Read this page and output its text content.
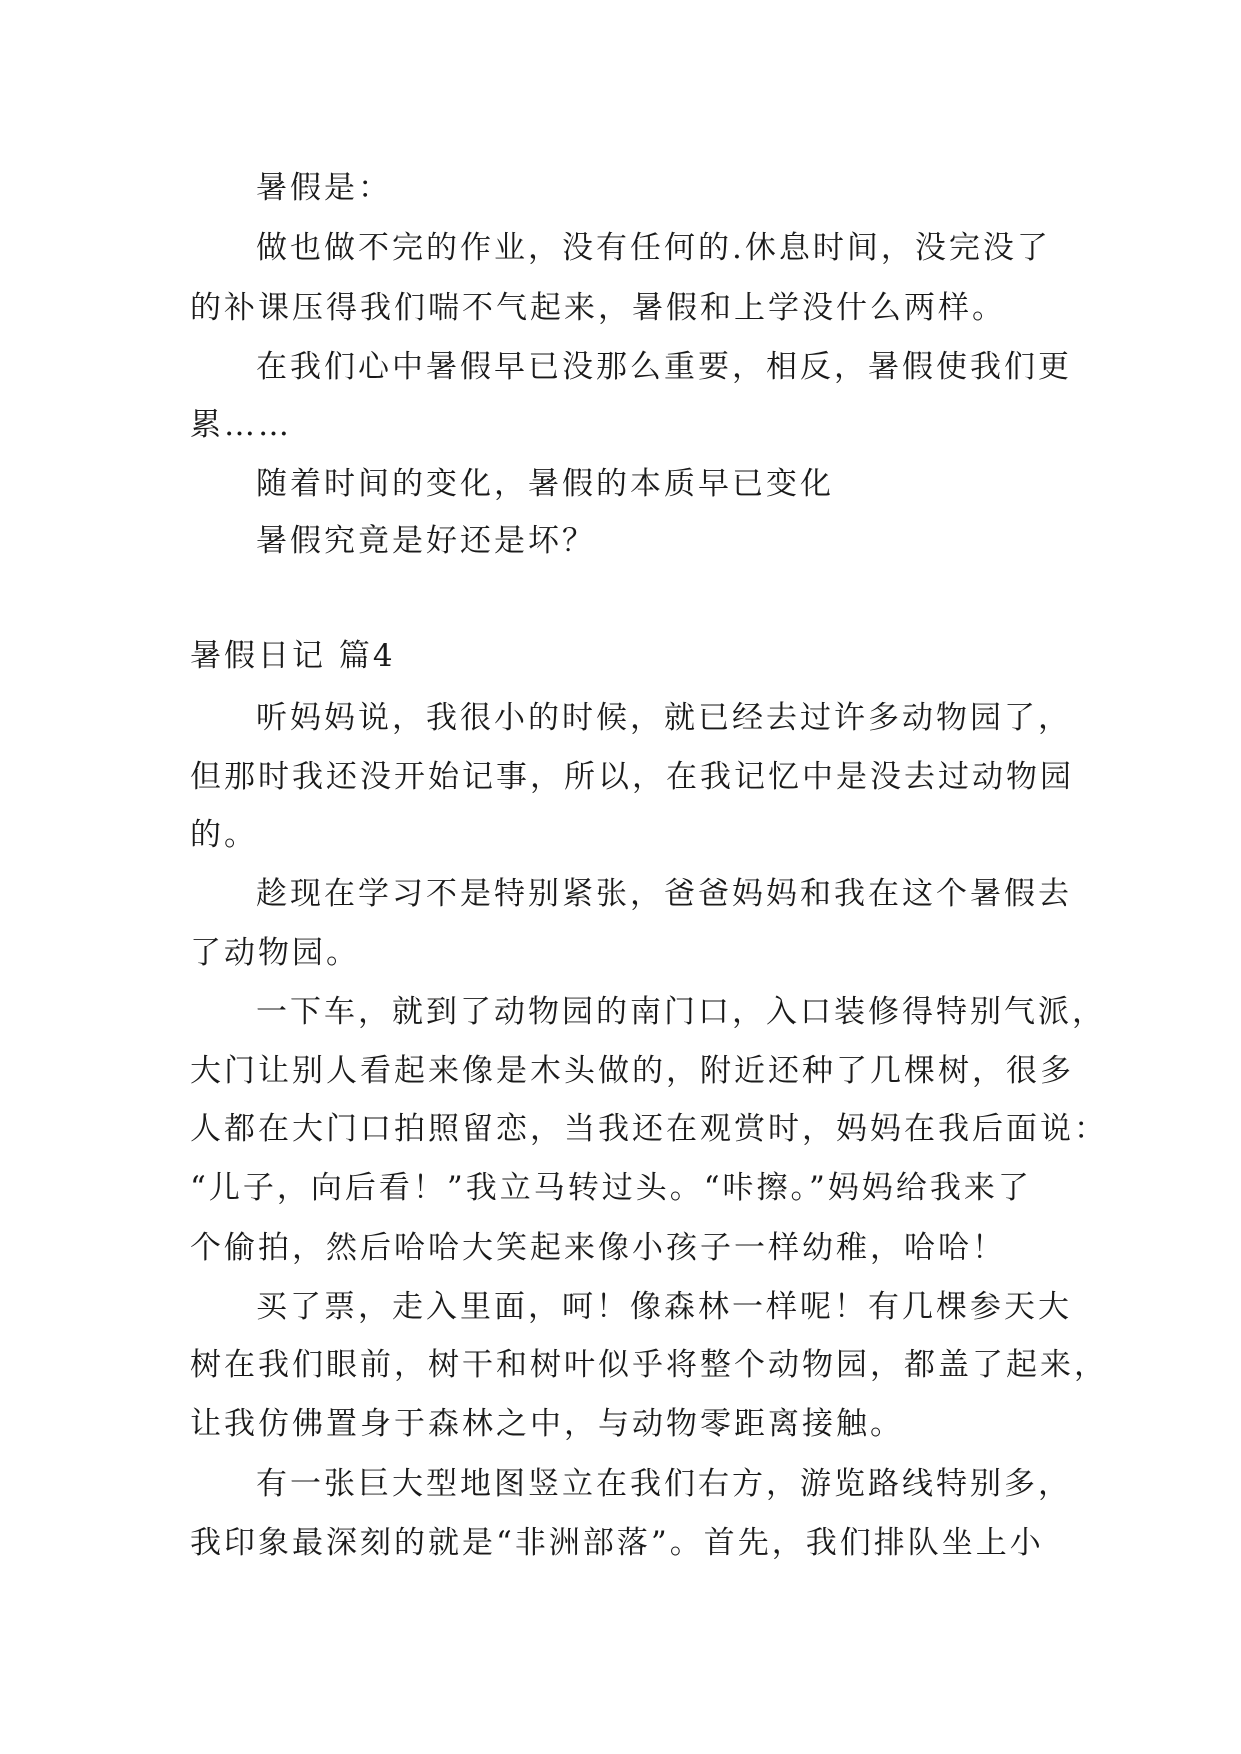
暑假是：
做也做不完的作业，没有任何的.休息时间，没完没了
的补课压得我们喘不气起来，暑假和上学没什么两样。
在我们心中暑假早已没那么重要，相反，暑假使我们更
累……
随着时间的变化，暑假的本质早已变化
暑假究竟是好还是坏？
暑假日记 篇4
听妈妈说，我很小的时候，就已经去过许多动物园了，
但那时我还没开始记事，所以，在我记忆中是没去过动物园
的。
趁现在学习不是特别紧张，爸爸妈妈和我在这个暑假去
了动物园。
一下车，就到了动物园的南门口，入口装修得特别气派，
大门让别人看起来像是木头做的，附近还种了几棵树，很多
人都在大门口拍照留恋，当我还在观赏时，妈妈在我后面说：
“儿子，向后看！”我立马转过头。“咔擦。”妈妈给我来了
个偷拍，然后哈哈大笑起来像小孩子一样幼稚，哈哈！
买了票，走入里面，呵！像森林一样呢！有几棵参天大
树在我们眼前，树干和树叶似乎将整个动物园，都盖了起来，
让我仿佛置身于森林之中，与动物零距离接触。
有一张巨大型地图竖立在我们右方，游览路线特别多，
我印象最深刻的就是“非洲部落”。首先，我们排队坐上小
